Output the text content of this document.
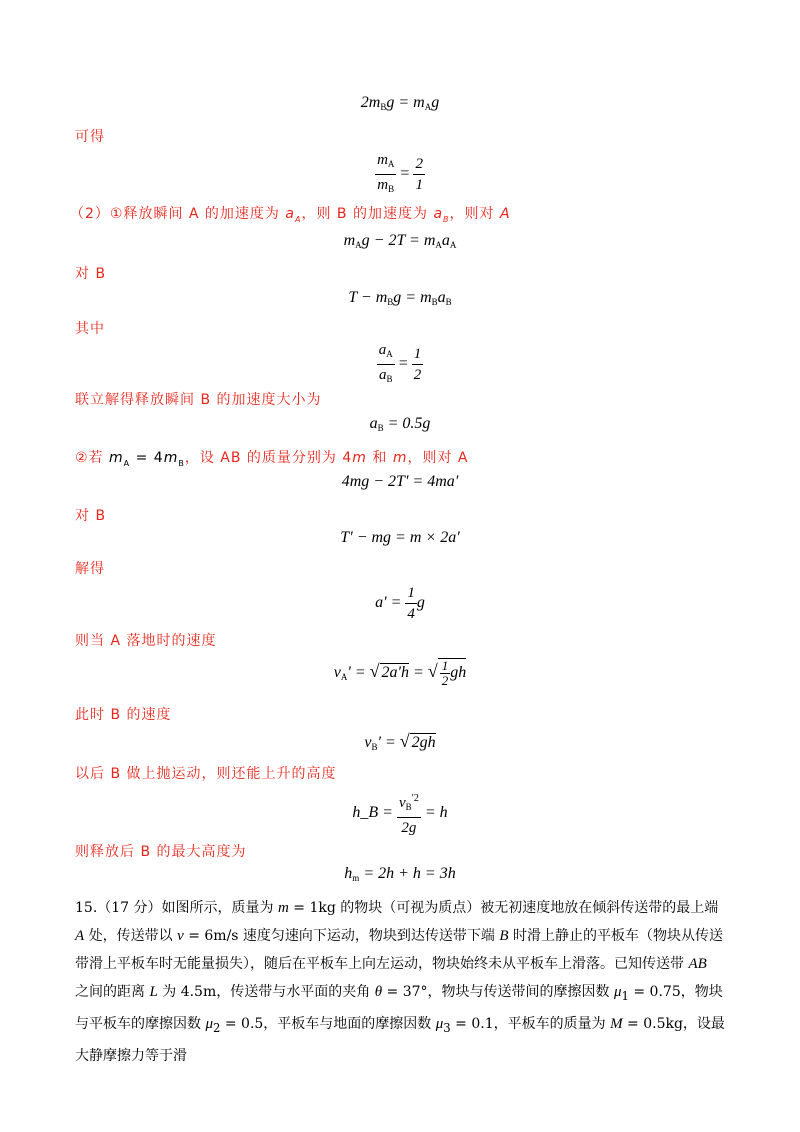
$2m_Bg = m_Ag$
可得
$\frac{m_A}{m_B} = \frac{2}{1}$
（2）①释放瞬间 A 的加速度为 $a_A$，则 B 的加速度为 $a_B$，则对 A
$m_Ag - 2T = m_Aa_A$
对 B
$T - m_Bg = m_Ba_B$
其中
$\frac{a_A}{a_B} = \frac{1}{2}$
联立解得释放瞬间 B 的加速度大小为
$a_B = 0.5g$
②若 $m_A = 4m_B$，设 AB 的质量分别为 4m 和 m，则对 A
4mg − 2T′ = 4ma′
对 B
T′ − mg = m × 2a′
解得
$a' = \frac{1}{4}$ g
则当 A 落地时的速度
$v_A'$ = √ 2a′h = √ $\frac{1}{2}$ gh
此时 B 的速度
$v_B'$ = √ 2gh
以后 B 做上抛运动，则还能上升的高度
h_B = $\frac{v_B^{'2}}{2g} = h$
则释放后 B 的最大高度为
$h_m = 2h + h = 3h$
15.（17 分）如图所示，质量为 m = 1kg 的物块（可视为质点）被无初速度地放在倾斜传送带的最上端 A 处，传送带以 v = 6m/s 速度匀速向下运动，物块到达传送带下端 B 时滑上静止的平板车（物块从传送带滑上平板车时无能量损失），随后在平板车上向左运动，物块始终未从平板车上滑落。已知传送带 AB 之间的距离 L 为 4.5m，传送带与水平面的夹角 θ = 37°，物块与传送带间的摩擦因数 $\mu_1 = 0.75$，物块与平板车的摩擦因数 $\mu_2 = 0.5$，平板车与地面的摩擦因数 $\mu_3 = 0.1$，平板车的质量为 M = 0.5kg，设最大静摩擦力等于滑
